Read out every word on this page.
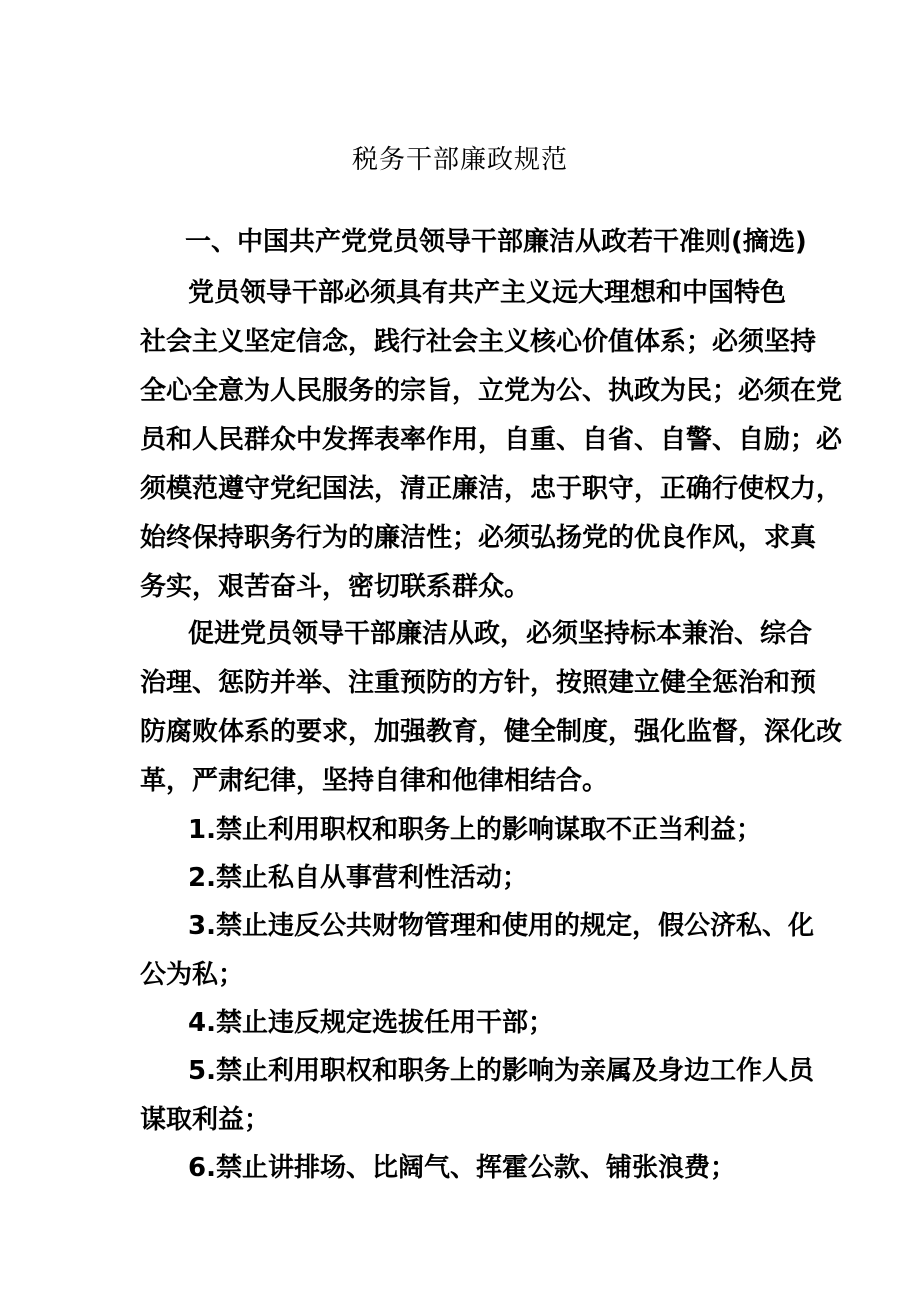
税务干部廉政规范
一、中国共产党党员领导干部廉洁从政若干准则(摘选)
党员领导干部必须具有共产主义远大理想和中国特色
社会主义坚定信念，践行社会主义核心价值体系；必须坚持
全心全意为人民服务的宗旨，立党为公、执政为民；必须在党
员和人民群众中发挥表率作用，自重、自省、自警、自励；必
须模范遵守党纪国法，清正廉洁，忠于职守，正确行使权力，
始终保持职务行为的廉洁性；必须弘扬党的优良作风，求真
务实，艰苦奋斗，密切联系群众。
促进党员领导干部廉洁从政，必须坚持标本兼治、综合
治理、惩防并举、注重预防的方针，按照建立健全惩治和预
防腐败体系的要求，加强教育，健全制度，强化监督，深化改
革，严肃纪律，坚持自律和他律相结合。
1.禁止利用职权和职务上的影响谋取不正当利益；
2.禁止私自从事营利性活动；
3.禁止违反公共财物管理和使用的规定，假公济私、化
公为私；
4.禁止违反规定选拔任用干部；
5.禁止利用职权和职务上的影响为亲属及身边工作人员
谋取利益；
6.禁止讲排场、比阔气、挥霍公款、铺张浪费；
